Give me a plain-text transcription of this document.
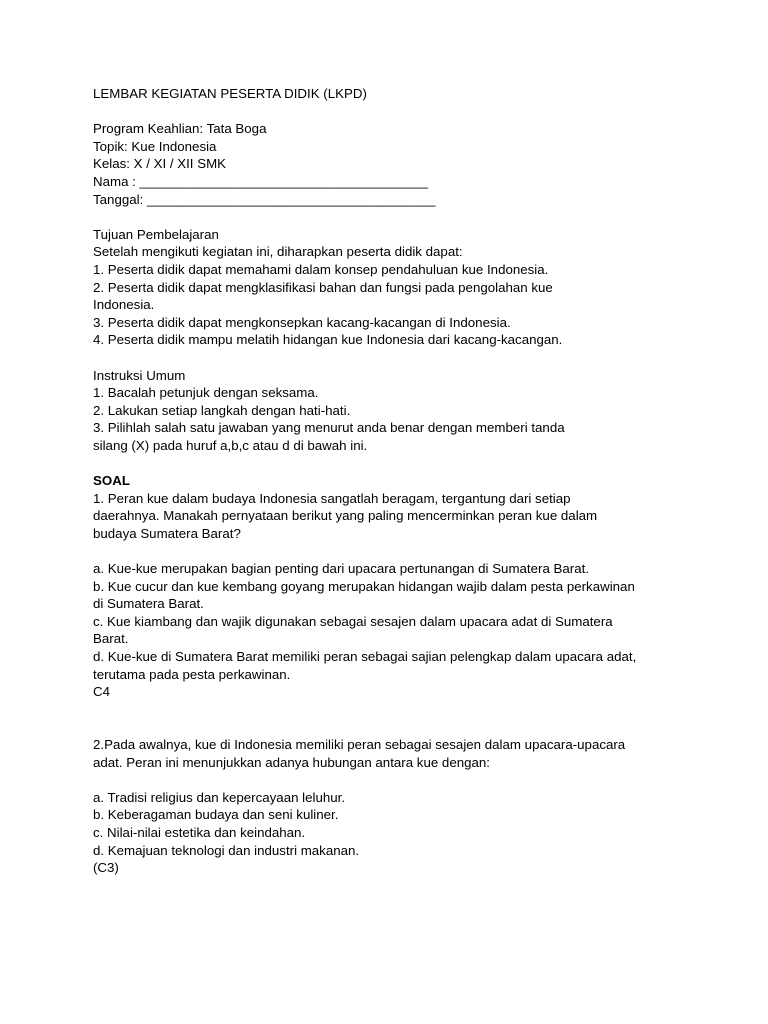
LEMBAR KEGIATAN PESERTA DIDIK (LKPD)
Program Keahlian: Tata Boga
Topik: Kue Indonesia
Kelas: X / XI / XII SMK
Nama : _______________________________________
Tanggal: _______________________________________
Tujuan Pembelajaran
Setelah mengikuti kegiatan ini, diharapkan peserta didik dapat:
1. Peserta didik dapat memahami dalam konsep pendahuluan kue Indonesia.
2. Peserta didik dapat mengklasifikasi bahan dan fungsi pada pengolahan kue
Indonesia.
3. Peserta didik dapat mengkonsepkan kacang-kacangan di Indonesia.
4. Peserta didik mampu melatih hidangan kue Indonesia dari kacang-kacangan.
Instruksi Umum
1. Bacalah petunjuk dengan seksama.
2. Lakukan setiap langkah dengan hati-hati.
3. Pilihlah salah satu jawaban yang menurut anda benar dengan memberi tanda
silang (X) pada huruf a,b,c atau d di bawah ini.
SOAL
1. Peran kue dalam budaya Indonesia sangatlah beragam, tergantung dari setiap
daerahnya. Manakah pernyataan berikut yang paling mencerminkan peran kue dalam
budaya Sumatera Barat?
a. Kue-kue merupakan bagian penting dari upacara pertunangan di Sumatera Barat.
b. Kue cucur dan kue kembang goyang merupakan hidangan wajib dalam pesta perkawinan
di Sumatera Barat.
c. Kue kiambang dan wajik digunakan sebagai sesajen dalam upacara adat di Sumatera
Barat.
d. Kue-kue di Sumatera Barat memiliki peran sebagai sajian pelengkap dalam upacara adat,
terutama pada pesta perkawinan.
C4
2.Pada awalnya, kue di Indonesia memiliki peran sebagai sesajen dalam upacara-upacara
adat. Peran ini menunjukkan adanya hubungan antara kue dengan:
a. Tradisi religius dan kepercayaan leluhur.
b. Keberagaman budaya dan seni kuliner.
c. Nilai-nilai estetika dan keindahan.
d. Kemajuan teknologi dan industri makanan.
(C3)
